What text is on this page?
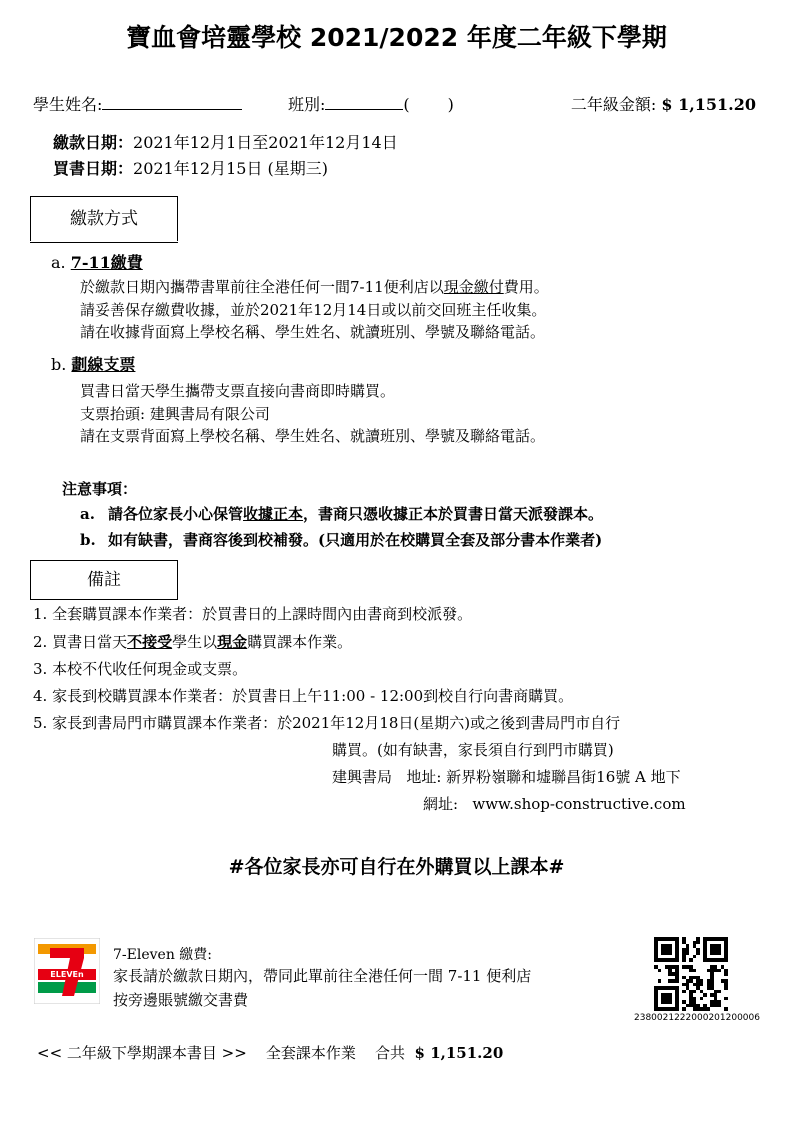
寶血會培靈學校 2021/2022 年度二年級下學期
學生姓名:	班別:	( )	二年級金額: $ 1,151.20
繳款日期：2021年12月1日至2021年12月14日
買書日期：2021年12月15日 (星期三)
繳款方式
a. 7-11繳費
於繳款日期內攜帶書單前往全港任何一間7-11便利店以現金繳付費用。
請妥善保存繳費收據，並於2021年12月14日或以前交回班主任收集。
請在收據背面寫上學校名稱、學生姓名、就讀班別、學號及聯絡電話。
b. 劃線支票
買書日當天學生攜帶支票直接向書商即時購買。
支票抬頭: 建興書局有限公司
請在支票背面寫上學校名稱、學生姓名、就讀班別、學號及聯絡電話。
注意事項：
a. 請各位家長小心保管收據正本，書商只憑收據正本於買書日當天派發課本。
b. 如有缺書，書商容後到校補發。(只適用於在校購買全套及部分書本作業者)
備註
1. 全套購買課本作業者：於買書日的上課時間內由書商到校派發。
2. 買書日當天不接受學生以現金購買課本作業。
3. 本校不代收任何現金或支票。
4. 家長到校購買課本作業者：於買書日上午11:00 - 12:00到校自行向書商購買。
5. 家長到書局門市購買課本作業者：於2021年12月18日(星期六)或之後到書局門市自行
購買。(如有缺書，家長須自行到門市購買)
建興書局 地址: 新界粉嶺聯和墟聯昌街16號 A 地下
網址: www.shop-constructive.com
#各位家長亦可自行在外購買以上課本#
ELEVEn
7-Eleven 繳費:
家長請於繳款日期內，帶同此單前往全港任何一間 7-11 便利店
按旁邊賬號繳交書費
2380021222000201200006
<< 二年級下學期課本書目 >> 全套課本作業 合共 $ 1,151.20
